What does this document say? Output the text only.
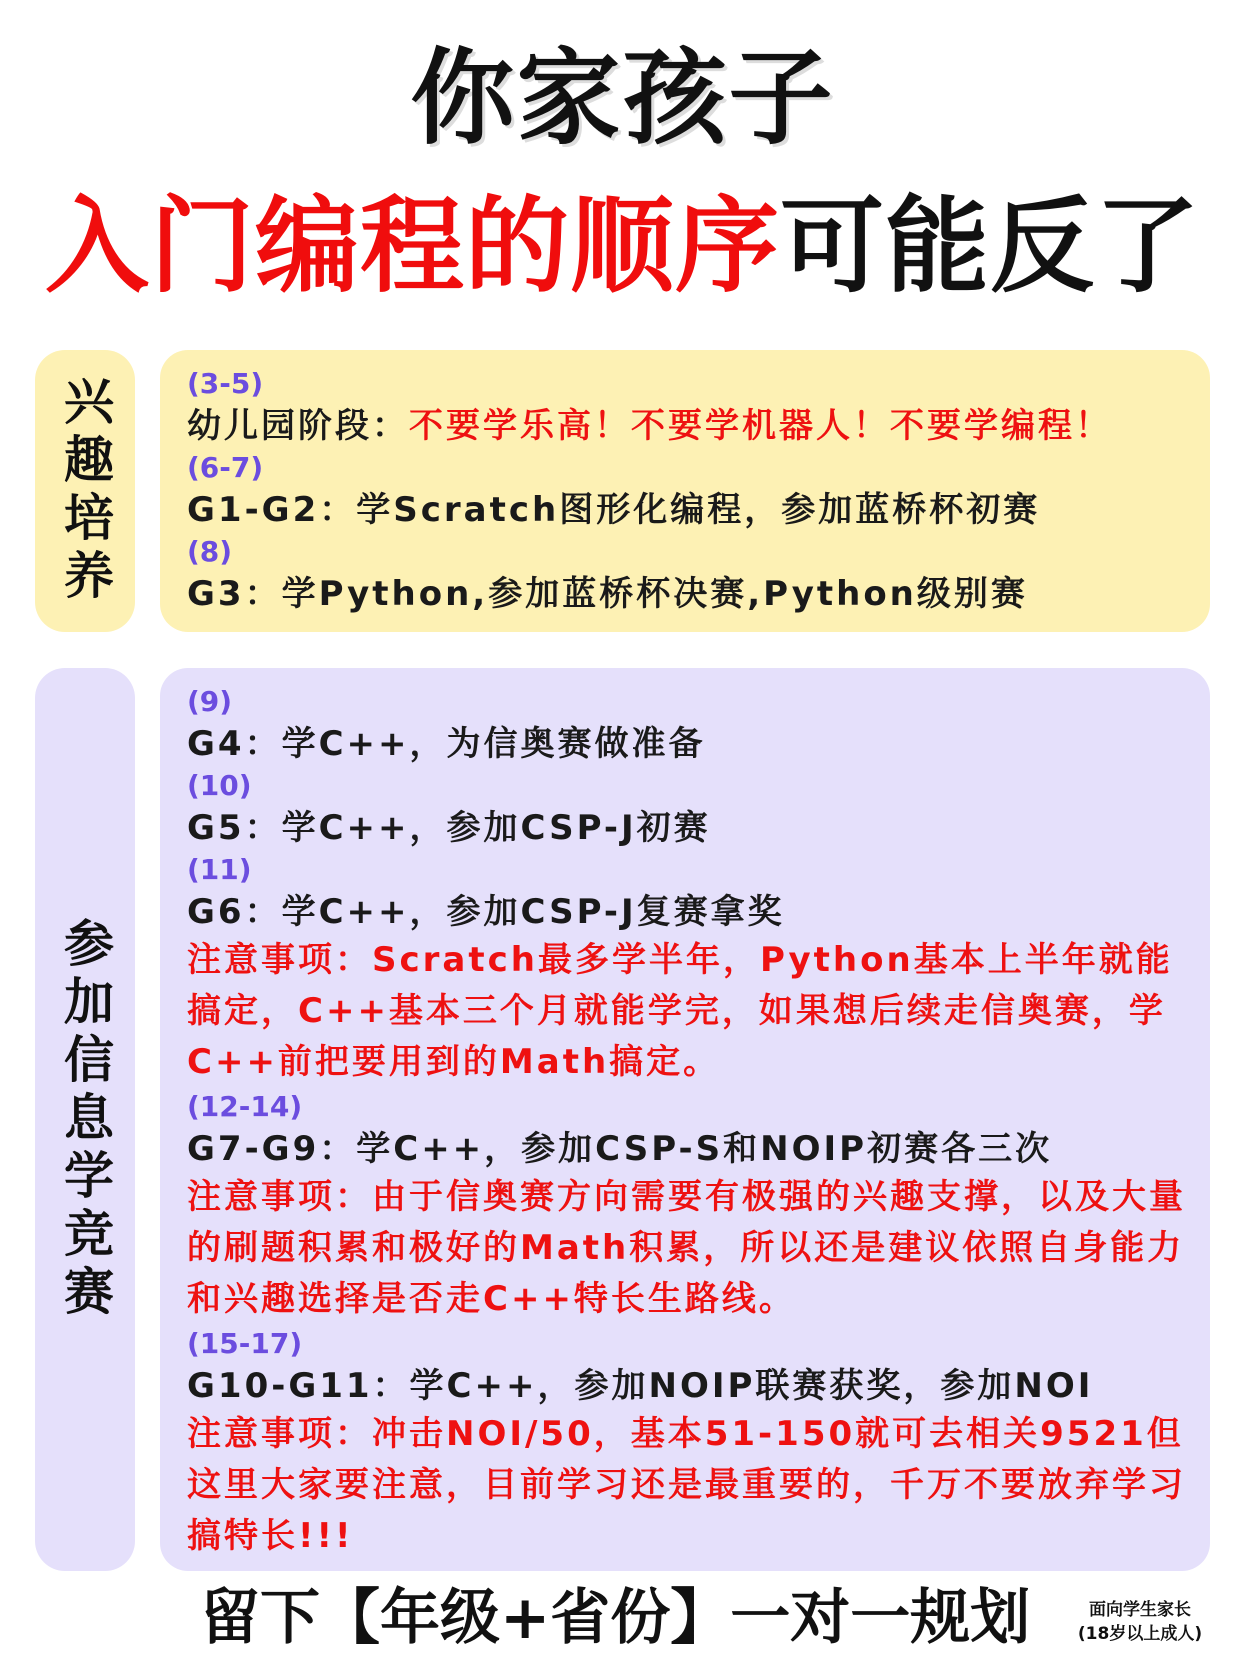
你家孩子
入门编程的顺序可能反了
兴趣培养	(3-5)
幼儿园阶段：不要学乐高！不要学机器人！不要学编程！
(6-7)
G1-G2：学Scratch图形化编程，参加蓝桥杯初赛
(8)
G3：学Python,参加蓝桥杯决赛,Python级别赛
参加信息学竞赛
(9)
G4：学C++，为信奥赛做准备
(10)
G5：学C++，参加CSP-J初赛
(11)
G6：学C++，参加CSP-J复赛拿奖
注意事项：Scratch最多学半年，Python基本上半年就能搞定，C++基本三个月就能学完，如果想后续走信奥赛，学C++前把要用到的Math搞定。
(12-14)
G7-G9：学C++，参加CSP-S和NOIP初赛各三次
注意事项：由于信奥赛方向需要有极强的兴趣支撑，以及大量的刷题积累和极好的Math积累，所以还是建议依照自身能力和兴趣选择是否走C++特长生路线。
(15-17)
G10-G11：学C++，参加NOIP联赛获奖，参加NOI
注意事项：冲击NOI/50，基本51-150就可去相关9521但这里大家要注意，目前学习还是最重要的，千万不要放弃学习搞特长!!!
留下【年级+省份】一对一规划	面向学生家长
(18岁以上成人)
